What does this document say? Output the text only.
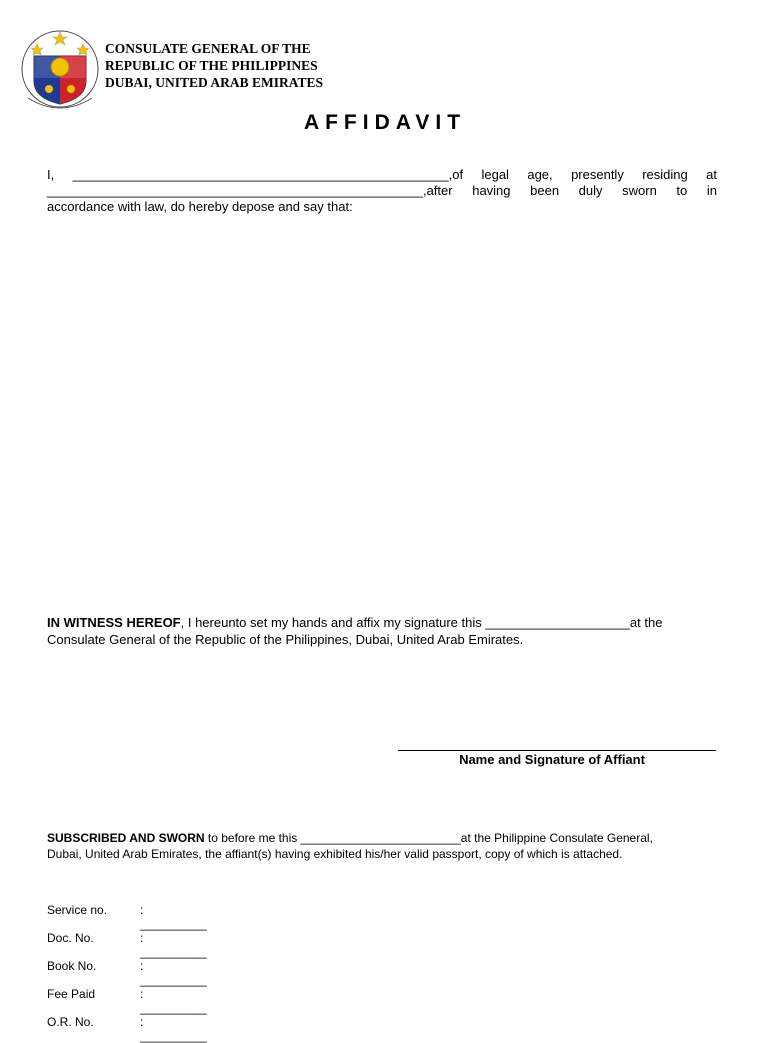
CONSULATE GENERAL OF THE
REPUBLIC OF THE PHILIPPINES
DUBAI, UNITED ARAB EMIRATES
AFFIDAVIT
I, ____________________________________________________,of legal age, presently residing at
____________________________________________________,after having been duly sworn to in
accordance with law, do hereby depose and say that:
IN WITNESS HEREOF, I hereunto set my hands and affix my signature this ____________________at the
Consulate General of the Republic of the Philippines, Dubai, United Arab Emirates.
Name and Signature of Affiant
SUBSCRIBED AND SWORN to before me this ________________________at the Philippine Consulate General,
Dubai, United Arab Emirates, the affiant(s) having exhibited his/her valid passport, copy of which is attached.
Service no.	: __________
Doc. No.	: __________
Book No.	: __________
Fee Paid	: __________
O.R. No.	: __________
